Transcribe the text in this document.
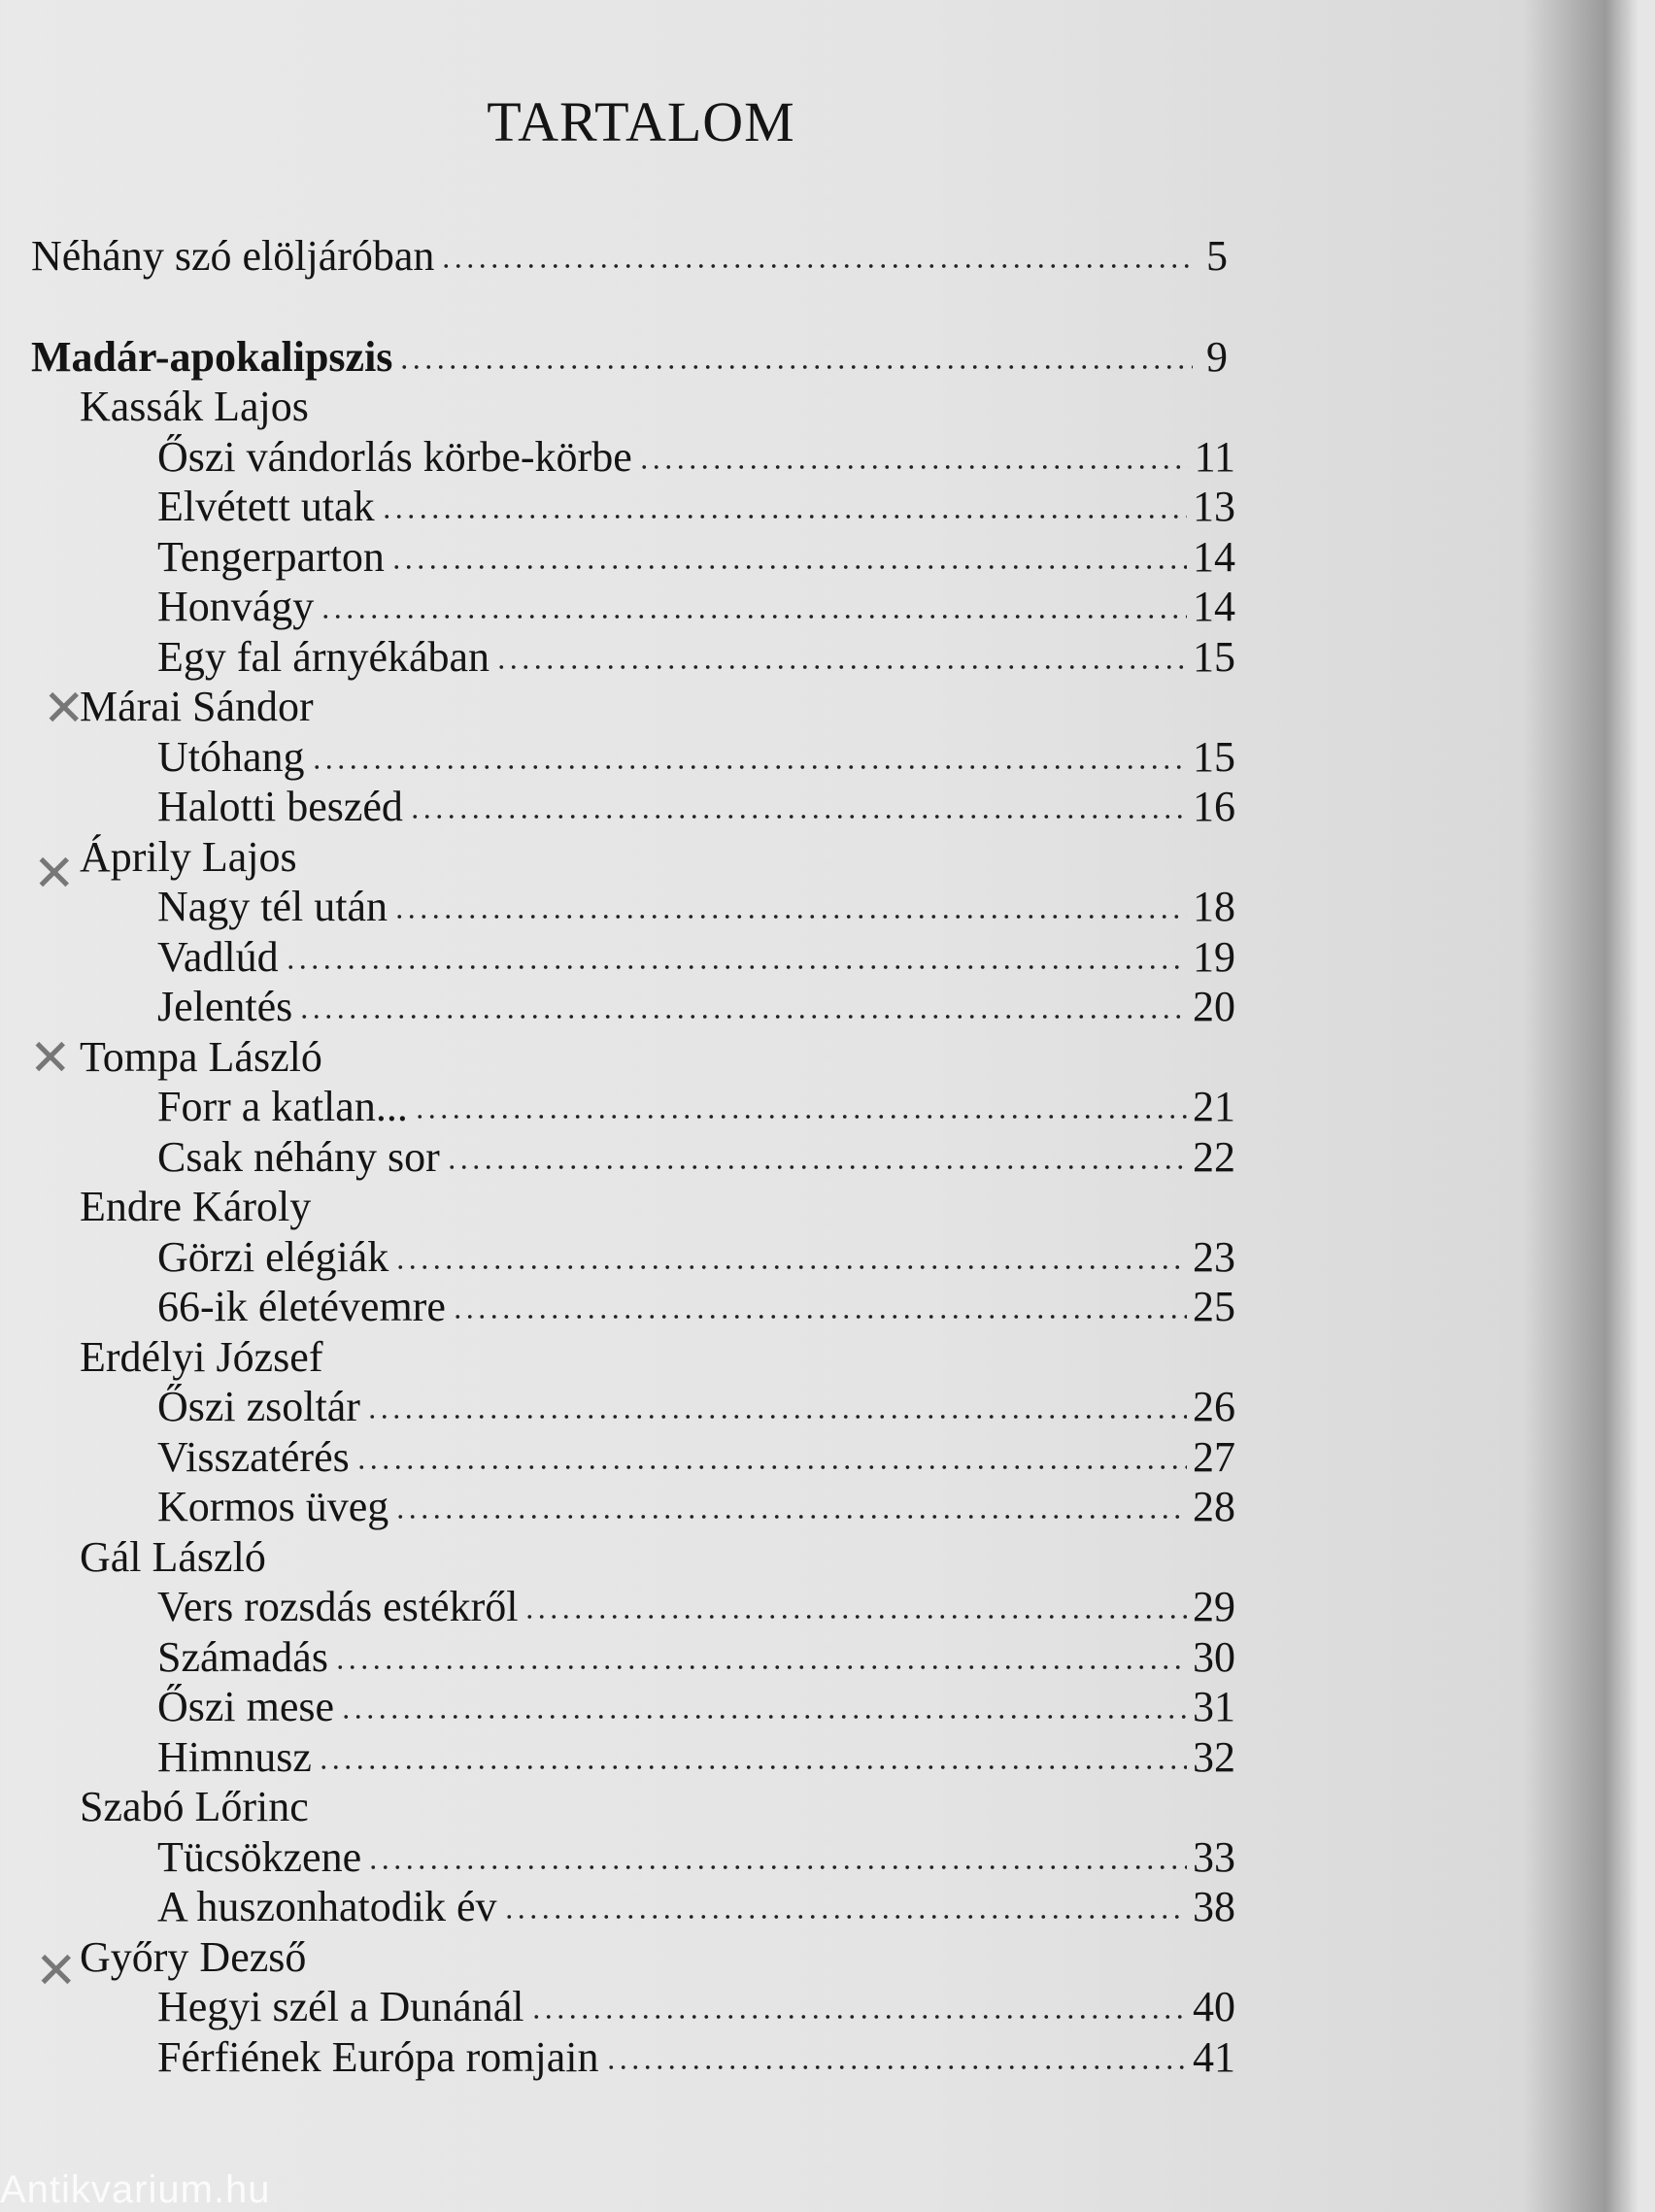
TARTALOM
Néhány szó elöljáróban	5
Madár-apokalipszis	9
Kassák Lajos
Őszi vándorlás körbe-körbe	11
Elvétett utak	13
Tengerparton	14
Honvágy	14
Egy fal árnyékában	15
Márai Sándor
Utóhang	15
Halotti beszéd	16
Áprily Lajos
Nagy tél után	18
Vadlúd	19
Jelentés	20
Tompa László
Forr a katlan...	21
Csak néhány sor	22
Endre Károly
Görzi elégiák	23
66-ik életévemre	25
Erdélyi József
Őszi zsoltár	26
Visszatérés	27
Kormos üveg	28
Gál László
Vers rozsdás estékről	29
Számadás	30
Őszi mese	31
Himnusz	32
Szabó Lőrinc
Tücsökzene	33
A huszonhatodik év	38
Győry Dezső
Hegyi szél a Dunánál	40
Férfiének Európa romjain	41
✕
✕
✕
✕
Antikvarium.hu
